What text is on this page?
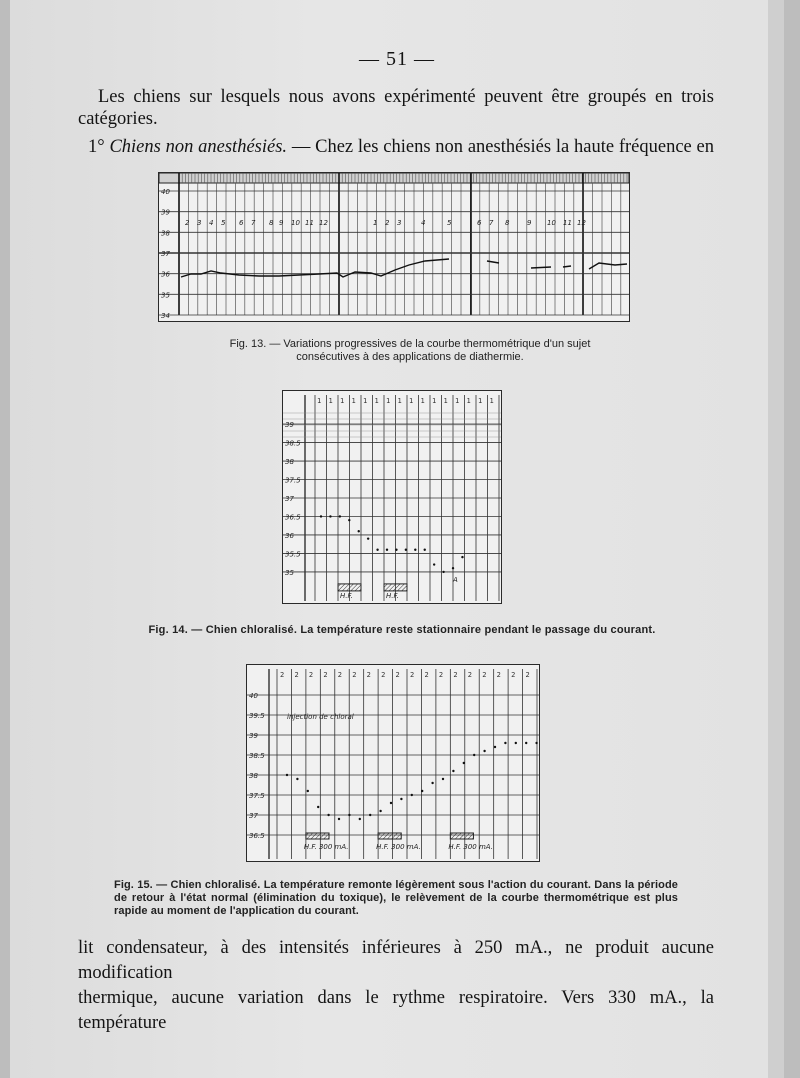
— 51 —
Les chiens sur lesquels nous avons expérimenté peuvent être groupés en trois
catégories.
1° Chiens non anesthésiés. — Chez les chiens non anesthésiés la haute fréquence en
40
39
38
37
36
35
34
2 3 4 5 6 7 8 9 10 11 12	1 2 3	4	5	6 7 8	9 10 11 12
Fig. 13. — Variations progressives de la courbe thermométrique d'un sujet
consécutives à des applications de diathermie.
39
38.5
38
37.5
37
36.5
36
35.5
35
1 1 1 1 1 1 1 1 1 1 1 1 1 1 1 1
H.F.	H.F.
A
Fig. 14. — Chien chloralisé. La température reste stationnaire pendant le passage du courant.
40
39.5
39
38.5
38
37.5
37
36.5
2 2 2 2 2 2 2 2 2 2 2 2 2 2 2 2 2 2
injection de chloral
H.F. 300 mA.	H.F. 300 mA.	H.F. 300 mA.
Fig. 15. — Chien chloralisé. La température remonte légèrement sous l'action du courant. Dans la période de retour à l'état normal (élimination du toxique), le relèvement de la courbe thermométrique est plus rapide au moment de l'application du courant.
lit condensateur, à des intensités inférieures à 250 mA., ne produit aucune modification
thermique, aucune variation dans le rythme respiratoire. Vers 330 mA., la température
